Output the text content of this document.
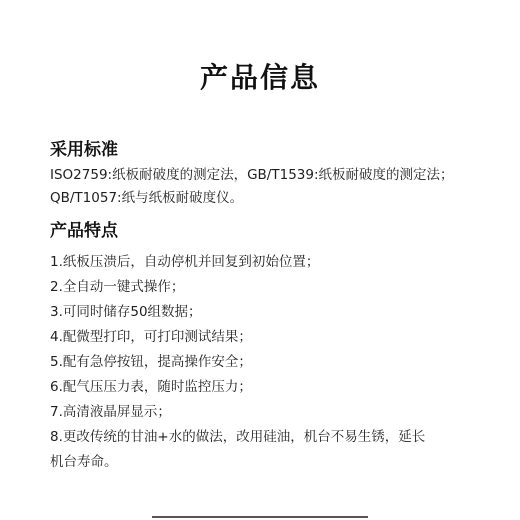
产品信息
采用标准
ISO2759:纸板耐破度的测定法，GB/T1539:纸板耐破度的测定法；
QB/T1057:纸与纸板耐破度仪。
产品特点
1.纸板压溃后，自动停机并回复到初始位置；
2.全自动一键式操作；
3.可同时储存50组数据；
4.配微型打印，可打印测试结果；
5.配有急停按钮，提高操作安全；
6.配气压压力表，随时监控压力；
7.高清液晶屏显示；
8.更改传统的甘油+水的做法，改用硅油，机台不易生锈，延长
机台寿命。
